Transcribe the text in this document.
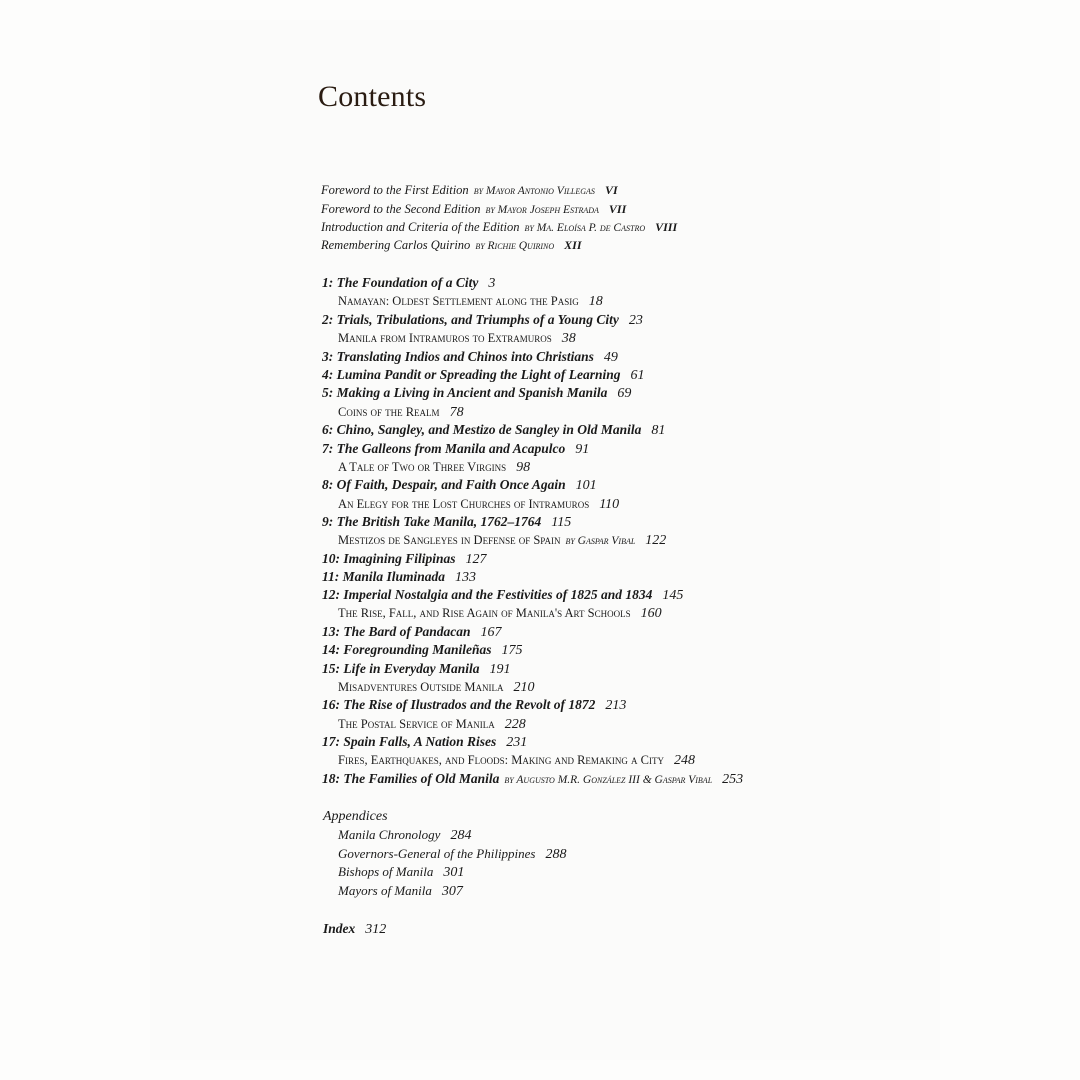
Contents
Foreword to the First Edition by Mayor Antonio Villegas VI
Foreword to the Second Edition by Mayor Joseph Estrada VII
Introduction and Criteria of the Edition by Ma. Eloísa P. de Castro VIII
Remembering Carlos Quirino by Richie Quirino XII
1: The Foundation of a City 3
Namayan: Oldest Settlement along the Pasig 18
2: Trials, Tribulations, and Triumphs of a Young City 23
Manila from Intramuros to Extramuros 38
3: Translating Indios and Chinos into Christians 49
4: Lumina Pandit or Spreading the Light of Learning 61
5: Making a Living in Ancient and Spanish Manila 69
Coins of the Realm 78
6: Chino, Sangley, and Mestizo de Sangley in Old Manila 81
7: The Galleons from Manila and Acapulco 91
A Tale of Two or Three Virgins 98
8: Of Faith, Despair, and Faith Once Again 101
An Elegy for the Lost Churches of Intramuros 110
9: The British Take Manila, 1762–1764 115
Mestizos de Sangleyes in Defense of Spain by Gaspar Vibal 122
10: Imagining Filipinas 127
11: Manila Iluminada 133
12: Imperial Nostalgia and the Festivities of 1825 and 1834 145
The Rise, Fall, and Rise Again of Manila's Art Schools 160
13: The Bard of Pandacan 167
14: Foregrounding Manileñas 175
15: Life in Everyday Manila 191
Misadventures Outside Manila 210
16: The Rise of Ilustrados and the Revolt of 1872 213
The Postal Service of Manila 228
17: Spain Falls, A Nation Rises 231
Fires, Earthquakes, and Floods: Making and Remaking a City 248
18: The Families of Old Manila by Augusto M.R. González III & Gaspar Vibal 253
Appendices
Manila Chronology 284
Governors-General of the Philippines 288
Bishops of Manila 301
Mayors of Manila 307
Index 312
